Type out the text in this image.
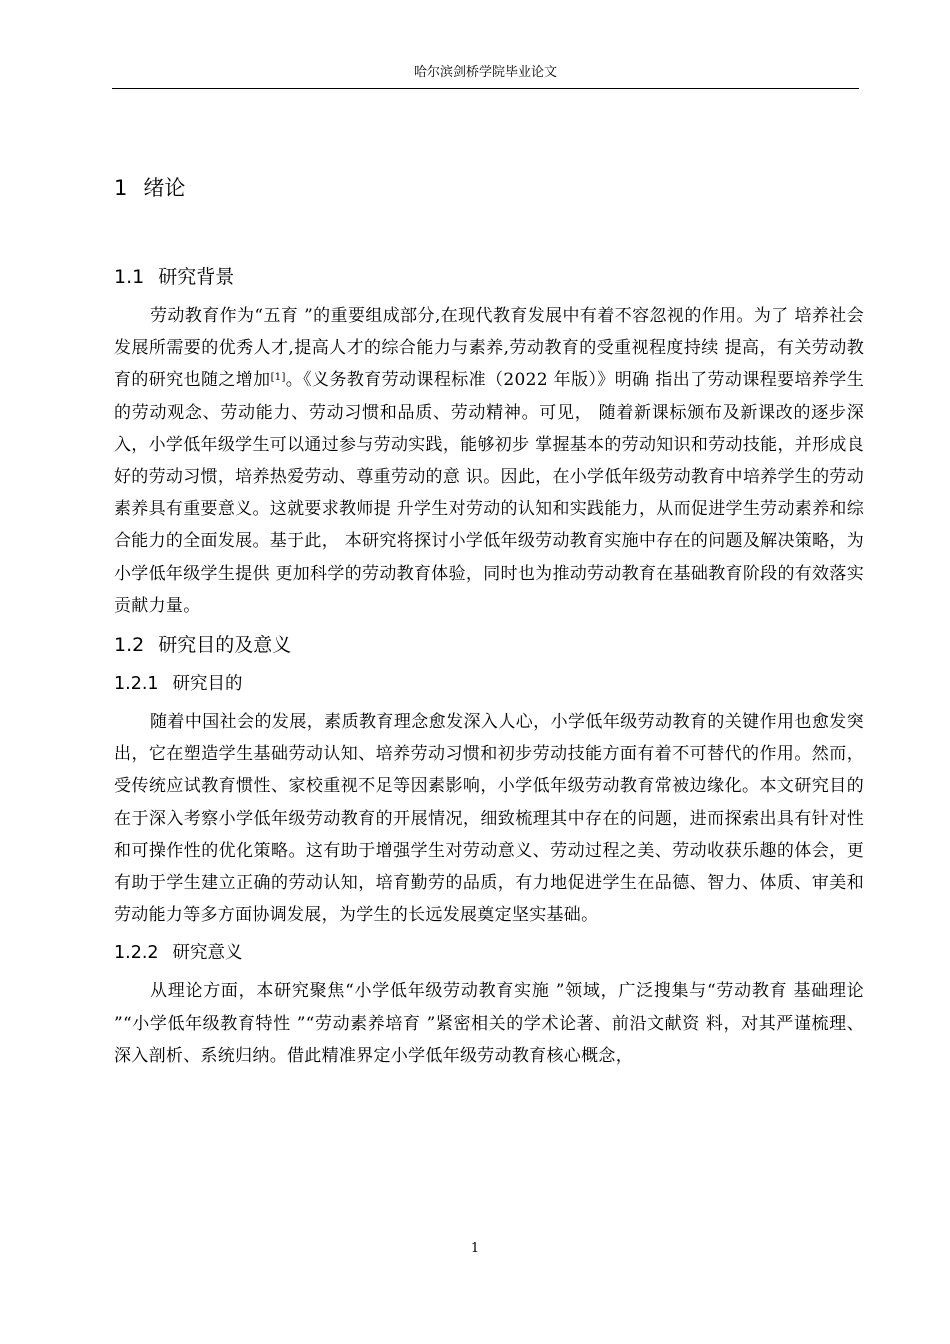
哈尔滨剑桥学院毕业论文
1 绪论
1.1 研究背景

劳动教育作为“五育 ”的重要组成部分,在现代教育发展中有着不容忽视的作用。为了 培养社会发展所需要的优秀人才,提高人才的综合能力与素养,劳动教育的受重视程度持续 提高，有关劳动教育的研究也随之增加[1]。《义务教育劳动课程标准（2022 年版）》明确 指出了劳动课程要培养学生的劳动观念、劳动能力、劳动习惯和品质、劳动精神。可见， 随着新课标颁布及新课改的逐步深入，小学低年级学生可以通过参与劳动实践，能够初步 掌握基本的劳动知识和劳动技能，并形成良好的劳动习惯，培养热爱劳动、尊重劳动的意 识。因此，在小学低年级劳动教育中培养学生的劳动素养具有重要意义。这就要求教师提 升学生对劳动的认知和实践能力，从而促进学生劳动素养和综合能力的全面发展。基于此， 本研究将探讨小学低年级劳动教育实施中存在的问题及解决策略，为小学低年级学生提供 更加科学的劳动教育体验，同时也为推动劳动教育在基础教育阶段的有效落实贡献力量。

1.2 研究目的及意义
1.2.1 研究目的

随着中国社会的发展，素质教育理念愈发深入人心，小学低年级劳动教育的关键作用也愈发突出，它在塑造学生基础劳动认知、培养劳动习惯和初步劳动技能方面有着不可替代的作用。然而，受传统应试教育惯性、家校重视不足等因素影响，小学低年级劳动教育常被边缘化。本文研究目的在于深入考察小学低年级劳动教育的开展情况，细致梳理其中存在的问题，进而探索出具有针对性和可操作性的优化策略。这有助于增强学生对劳动意义、劳动过程之美、劳动收获乐趣的体会，更有助于学生建立正确的劳动认知，培育勤劳的品质，有力地促进学生在品德、智力、体质、审美和劳动能力等多方面协调发展，为学生的长远发展奠定坚实基础。

1.2.2 研究意义

从理论方面，本研究聚焦“小学低年级劳动教育实施 ”领域，广泛搜集与“劳动教育 基础理论 ”“小学低年级教育特性 ”“劳动素养培育 ”紧密相关的学术论著、前沿文献资 料，对其严谨梳理、深入剖析、系统归纳。借此精准界定小学低年级劳动教育核心概念，

1
